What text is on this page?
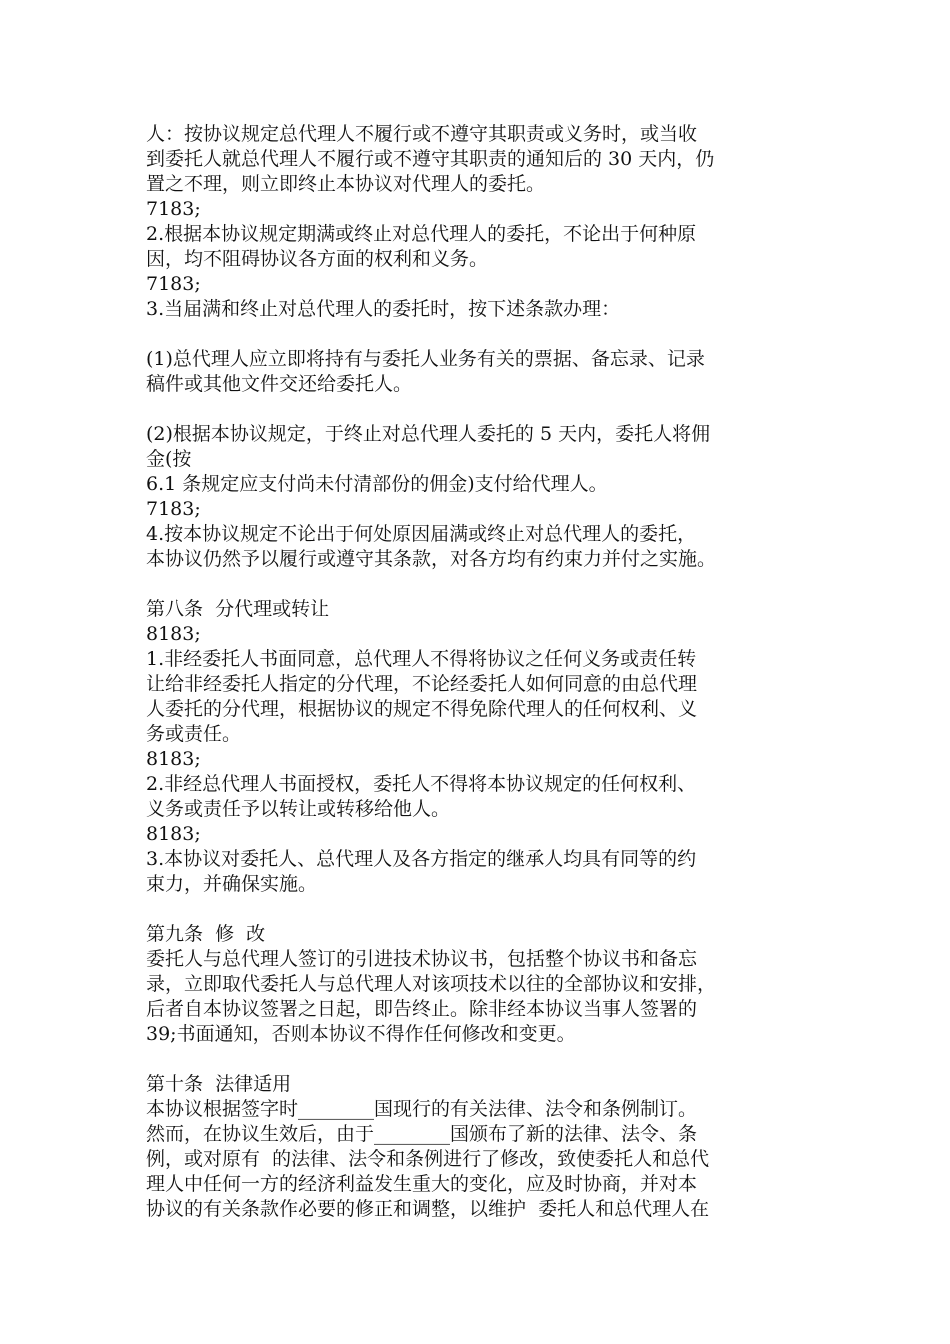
人：按协议规定总代理人不履行或不遵守其职责或义务时，或当收
到委托人就总代理人不履行或不遵守其职责的通知后的 30 天内，仍
置之不理，则立即终止本协议对代理人的委托。
7183;
2.根据本协议规定期满或终止对总代理人的委托，不论出于何种原
因，均不阻碍协议各方面的权利和义务。
7183;
3.当届满和终止对总代理人的委托时，按下述条款办理：
(1)总代理人应立即将持有与委托人业务有关的票据、备忘录、记录
稿件或其他文件交还给委托人。
(2)根据本协议规定，于终止对总代理人委托的 5 天内，委托人将佣
金(按
6.1 条规定应支付尚未付清部份的佣金)支付给代理人。
7183;
4.按本协议规定不论出于何处原因届满或终止对总代理人的委托，
本协议仍然予以履行或遵守其条款，对各方均有约束力并付之实施。
第八条  分代理或转让
8183;
1.非经委托人书面同意，总代理人不得将协议之任何义务或责任转
让给非经委托人指定的分代理，不论经委托人如何同意的由总代理
人委托的分代理，根据协议的规定不得免除代理人的任何权利、义
务或责任。
8183;
2.非经总代理人书面授权，委托人不得将本协议规定的任何权利、
义务或责任予以转让或转移给他人。
8183;
3.本协议对委托人、总代理人及各方指定的继承人均具有同等的约
束力，并确保实施。
第九条  修  改
委托人与总代理人签订的引进技术协议书，包括整个协议书和备忘
录，立即取代委托人与总代理人对该项技术以往的全部协议和安排，
后者自本协议签署之日起，即告终止。除非经本协议当事人签署的
39;书面通知，否则本协议不得作任何修改和变更。
第十条  法律适用
本协议根据签字时________国现行的有关法律、法令和条例制订。
然而，在协议生效后，由于________国颁布了新的法律、法令、条
例，或对原有  的法律、法令和条例进行了修改，致使委托人和总代
理人中任何一方的经济利益发生重大的变化，应及时协商，并对本
协议的有关条款作必要的修正和调整，以维护  委托人和总代理人在
